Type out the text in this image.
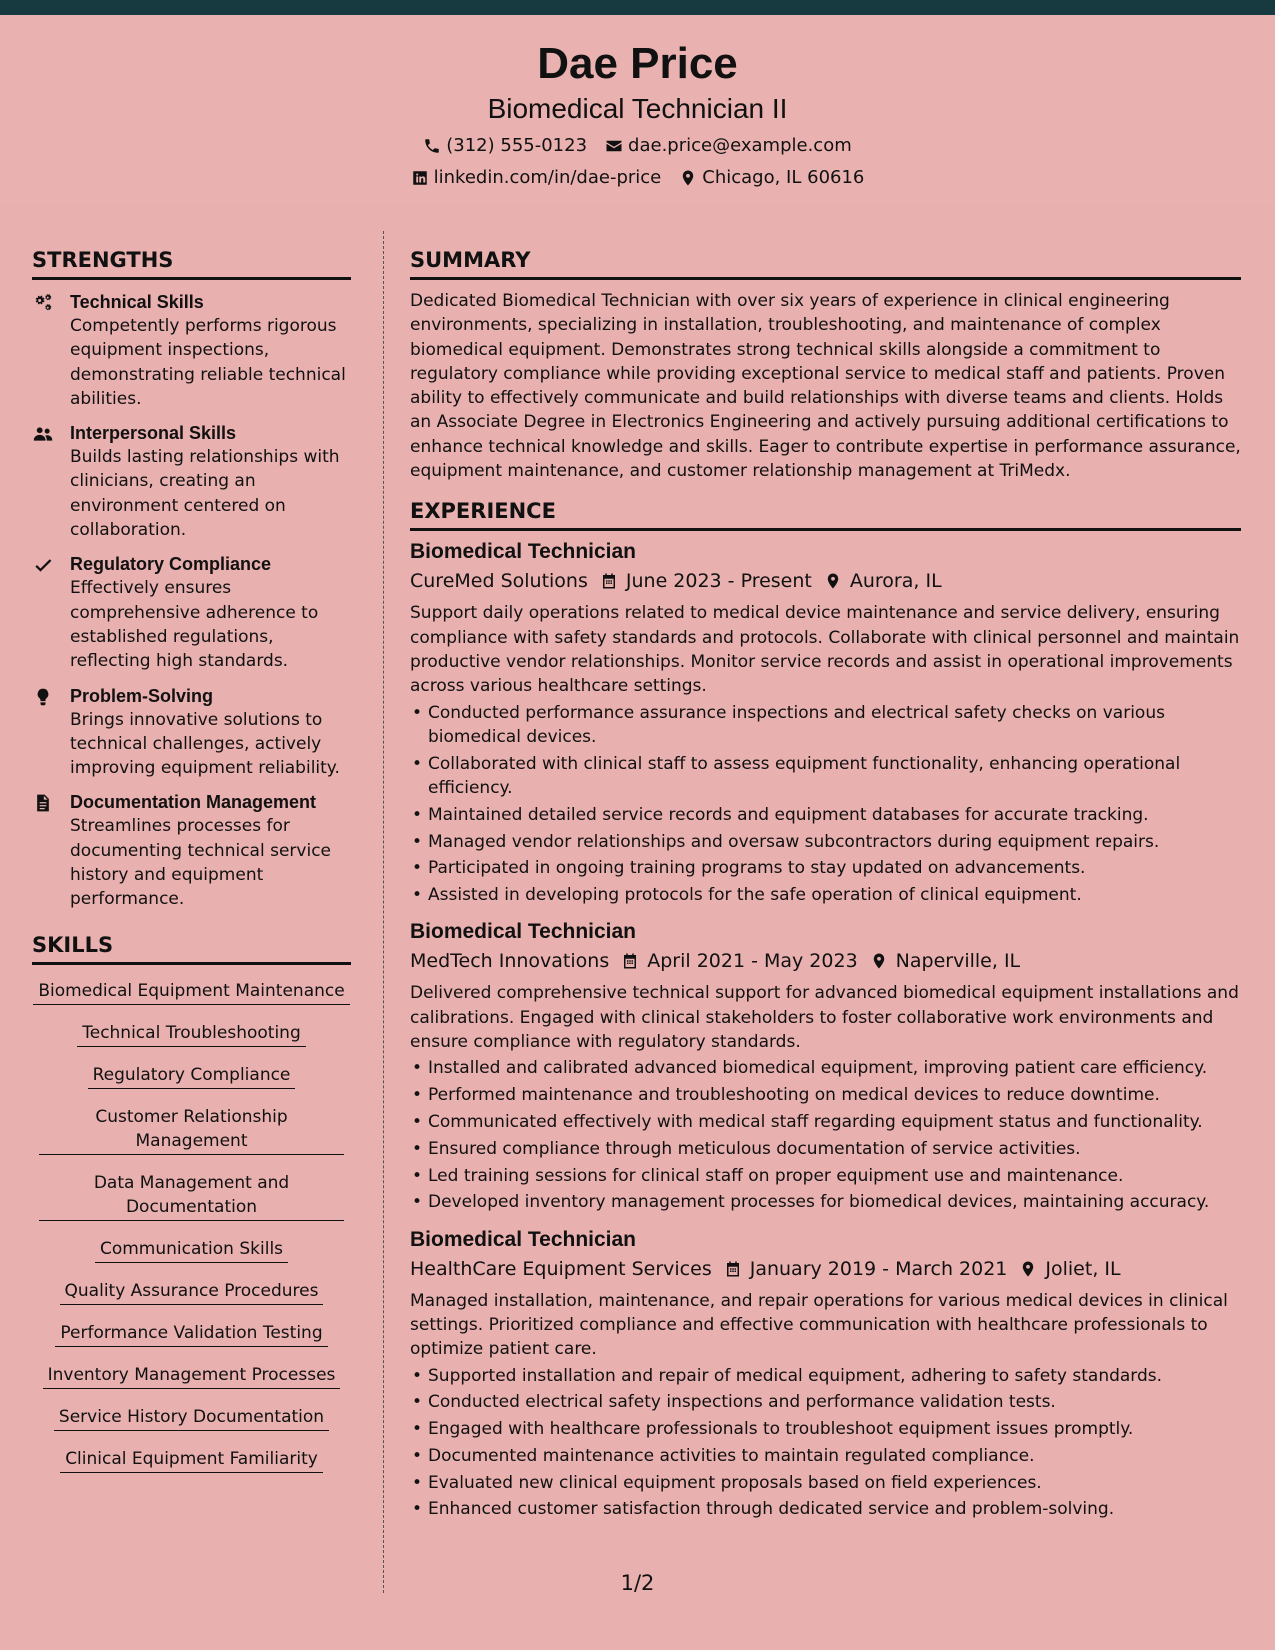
Dae Price
Biomedical Technician II
(312) 555-0123 dae.price@example.com
linkedin.com/in/dae-price Chicago, IL 60616
STRENGTHS
Technical Skills
Competently performs rigorous equipment inspections, demonstrating reliable technical abilities.
Interpersonal Skills
Builds lasting relationships with clinicians, creating an environment centered on collaboration.
Regulatory Compliance
Effectively ensures comprehensive adherence to established regulations, reflecting high standards.
Problem-Solving
Brings innovative solutions to technical challenges, actively improving equipment reliability.
Documentation Management
Streamlines processes for documenting technical service history and equipment performance.
SKILLS
Biomedical Equipment Maintenance
Technical Troubleshooting
Regulatory Compliance
Customer Relationship Management
Data Management and Documentation
Communication Skills
Quality Assurance Procedures
Performance Validation Testing
Inventory Management Processes
Service History Documentation
Clinical Equipment Familiarity
SUMMARY
Dedicated Biomedical Technician with over six years of experience in clinical engineering environments, specializing in installation, troubleshooting, and maintenance of complex biomedical equipment. Demonstrates strong technical skills alongside a commitment to regulatory compliance while providing exceptional service to medical staff and patients. Proven ability to effectively communicate and build relationships with diverse teams and clients. Holds an Associate Degree in Electronics Engineering and actively pursuing additional certifications to enhance technical knowledge and skills. Eager to contribute expertise in performance assurance, equipment maintenance, and customer relationship management at TriMedx.
EXPERIENCE
Biomedical Technician
CureMed Solutions June 2023 - Present Aurora, IL
Support daily operations related to medical device maintenance and service delivery, ensuring compliance with safety standards and protocols. Collaborate with clinical personnel and maintain productive vendor relationships. Monitor service records and assist in operational improvements across various healthcare settings.
• Conducted performance assurance inspections and electrical safety checks on various biomedical devices.
• Collaborated with clinical staff to assess equipment functionality, enhancing operational efficiency.
• Maintained detailed service records and equipment databases for accurate tracking.
• Managed vendor relationships and oversaw subcontractors during equipment repairs.
• Participated in ongoing training programs to stay updated on advancements.
• Assisted in developing protocols for the safe operation of clinical equipment.
Biomedical Technician
MedTech Innovations April 2021 - May 2023 Naperville, IL
Delivered comprehensive technical support for advanced biomedical equipment installations and calibrations. Engaged with clinical stakeholders to foster collaborative work environments and ensure compliance with regulatory standards.
• Installed and calibrated advanced biomedical equipment, improving patient care efficiency.
• Performed maintenance and troubleshooting on medical devices to reduce downtime.
• Communicated effectively with medical staff regarding equipment status and functionality.
• Ensured compliance through meticulous documentation of service activities.
• Led training sessions for clinical staff on proper equipment use and maintenance.
• Developed inventory management processes for biomedical devices, maintaining accuracy.
Biomedical Technician
HealthCare Equipment Services January 2019 - March 2021 Joliet, IL
Managed installation, maintenance, and repair operations for various medical devices in clinical settings. Prioritized compliance and effective communication with healthcare professionals to optimize patient care.
• Supported installation and repair of medical equipment, adhering to safety standards.
• Conducted electrical safety inspections and performance validation tests.
• Engaged with healthcare professionals to troubleshoot equipment issues promptly.
• Documented maintenance activities to maintain regulated compliance.
• Evaluated new clinical equipment proposals based on field experiences.
• Enhanced customer satisfaction through dedicated service and problem-solving.
1/2
